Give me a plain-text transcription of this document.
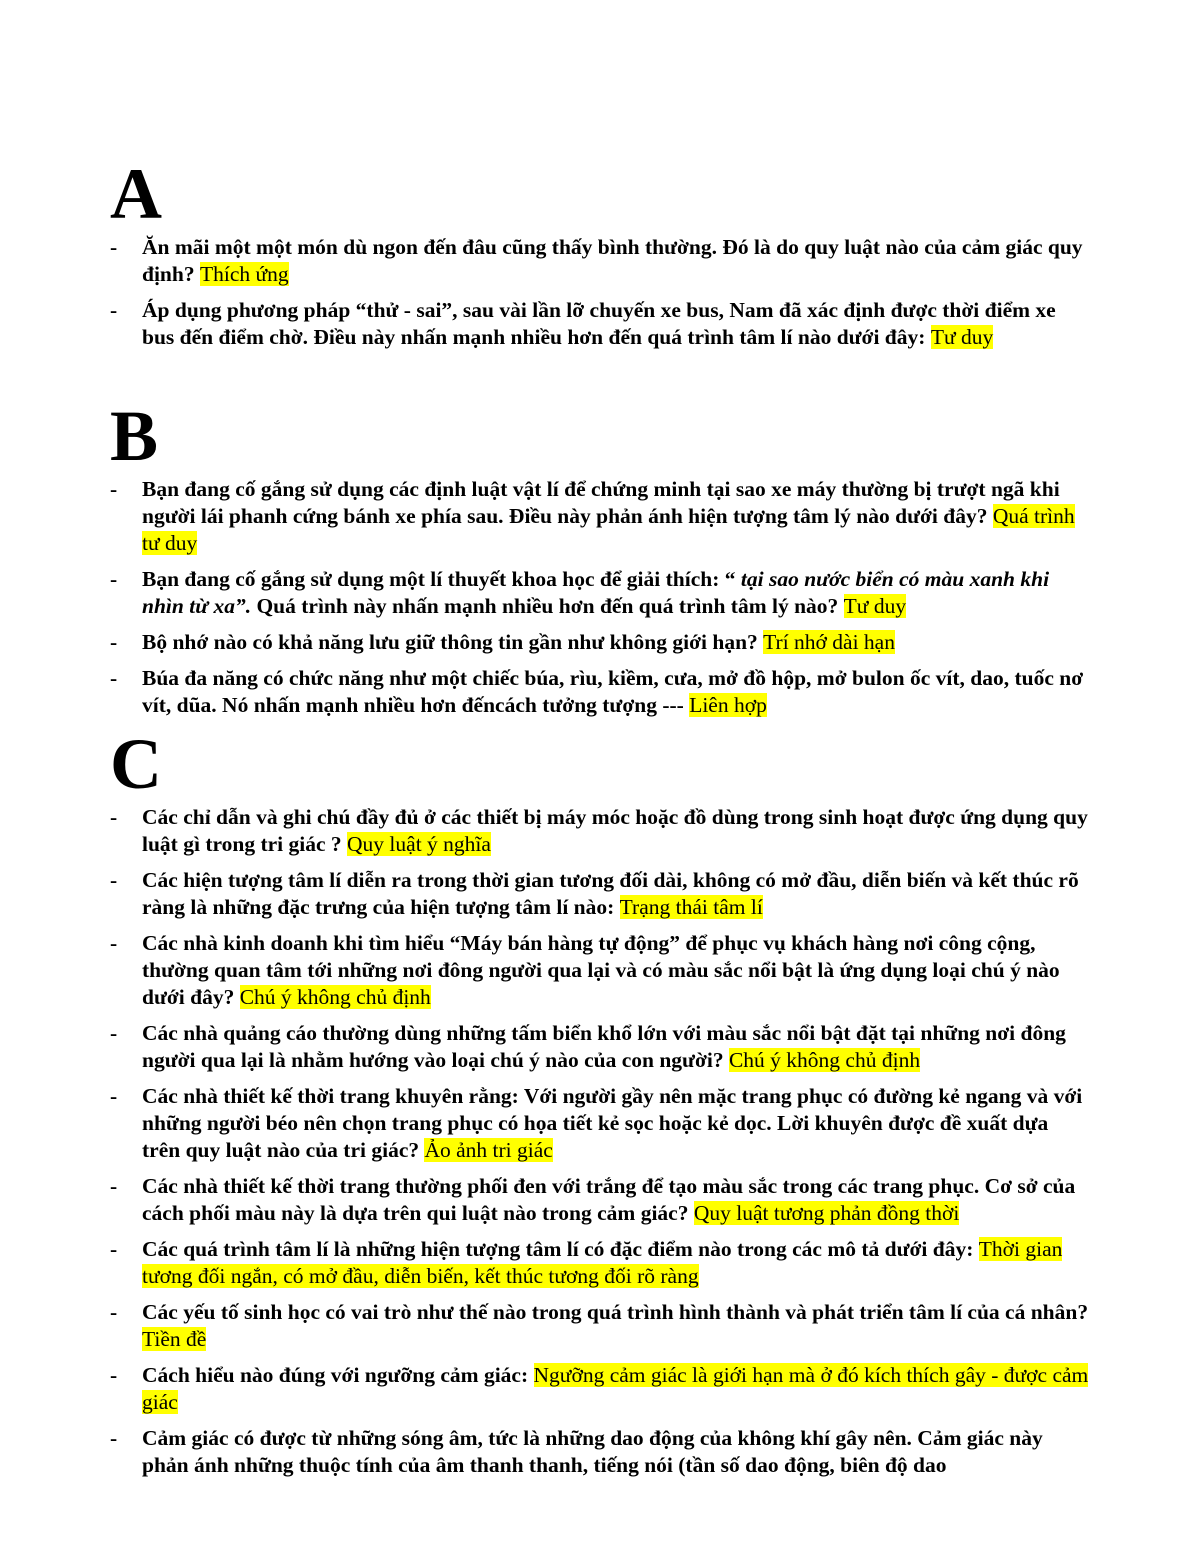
A
- Ăn mãi một một món dù ngon đến đâu cũng thấy bình thường. Đó là do quy luật nào của cảm giác quy định? Thích ứng
- Áp dụng phương pháp “thử - sai”, sau vài lần lỡ chuyến xe bus, Nam đã xác định được thời điểm xe bus đến điểm chờ. Điều này nhấn mạnh nhiều hơn đến quá trình tâm lí nào dưới đây: Tư duy
B
- Bạn đang cố gắng sử dụng các định luật vật lí để chứng minh tại sao xe máy thường bị trượt ngã khi người lái phanh cứng bánh xe phía sau. Điều này phản ánh hiện tượng tâm lý nào dưới đây? Quá trình tư duy
- Bạn đang cố gắng sử dụng một lí thuyết khoa học để giải thích: “ tại sao nước biển có màu xanh khi nhìn từ xa”. Quá trình này nhấn mạnh nhiều hơn đến quá trình tâm lý nào? Tư duy
- Bộ nhớ nào có khả năng lưu giữ thông tin gần như không giới hạn? Trí nhớ dài hạn
- Búa đa năng có chức năng như một chiếc búa, rìu, kiềm, cưa, mở đồ hộp, mở bulon ốc vít, dao, tuốc nơ vít, dũa. Nó nhấn mạnh nhiều hơn đếncách tưởng tượng --- Liên hợp
C
- Các chỉ dẫn và ghi chú đầy đủ ở các thiết bị máy móc hoặc đồ dùng trong sinh hoạt được ứng dụng quy luật gì trong tri giác ? Quy luật ý nghĩa
- Các hiện tượng tâm lí diễn ra trong thời gian tương đối dài, không có mở đầu, diễn biến và kết thúc rõ ràng là những đặc trưng của hiện tượng tâm lí nào: Trạng thái tâm lí
- Các nhà kinh doanh khi tìm hiểu “Máy bán hàng tự động” để phục vụ khách hàng nơi công cộng, thường quan tâm tới những nơi đông người qua lại và có màu sắc nổi bật là ứng dụng loại chú ý nào dưới đây? Chú ý không chủ định
- Các nhà quảng cáo thường dùng những tấm biển khổ lớn với màu sắc nổi bật đặt tại những nơi đông người qua lại là nhằm hướng vào loại chú ý nào của con người? Chú ý không chủ định
- Các nhà thiết kế thời trang khuyên rằng: Với người gầy nên mặc trang phục có đường kẻ ngang và với những người béo nên chọn trang phục có họa tiết kẻ sọc hoặc kẻ dọc. Lời khuyên được đề xuất dựa trên quy luật nào của tri giác? Ảo ảnh tri giác
- Các nhà thiết kế thời trang thường phối đen với trắng để tạo màu sắc trong các trang phục. Cơ sở của cách phối màu này là dựa trên qui luật nào trong cảm giác? Quy luật tương phản đồng thời
- Các quá trình tâm lí là những hiện tượng tâm lí có đặc điểm nào trong các mô tả dưới đây: Thời gian tương đối ngắn, có mở đầu, diễn biến, kết thúc tương đối rõ ràng
- Các yếu tố sinh học có vai trò như thế nào trong quá trình hình thành và phát triển tâm lí của cá nhân? Tiền đề
- Cách hiểu nào đúng với ngưỡng cảm giác: Ngưỡng cảm giác là giới hạn mà ở đó kích thích gây - được cảm giác
- Cảm giác có được từ những sóng âm, tức là những dao động của không khí gây nên. Cảm giác này phản ánh những thuộc tính của âm thanh thanh, tiếng nói (tần số dao động, biên độ dao
